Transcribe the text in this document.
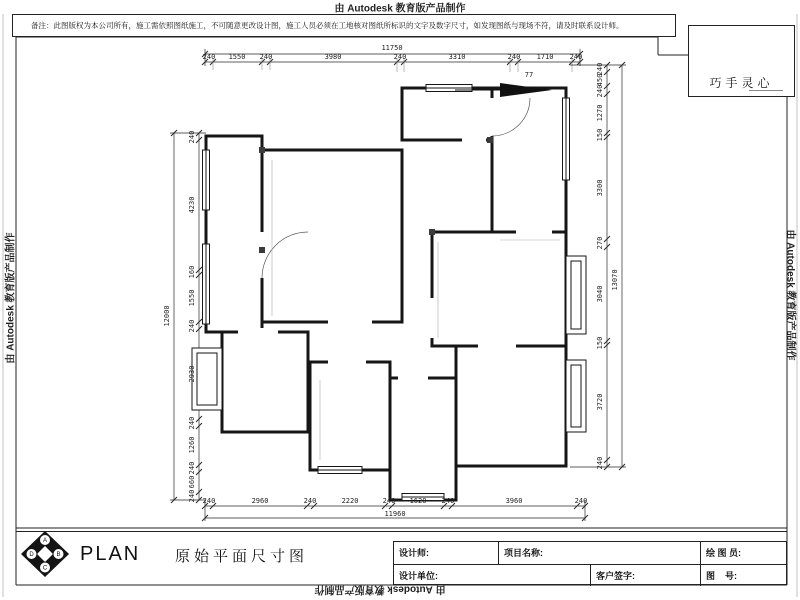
A
B
C
D
由 Autodesk 教育版产品制作
由 Autodesk 教育版产品制作	由 Autodesk 教育版产品制作
由 Autodesk 教育版产品制作
备注：此图版权为本公司所有，施工需依照图纸施工，不可随意更改设计图，施工人员必须在工地核对图纸所标识的文字及数字尺寸，如发现图纸与现场不符，请及时联系设计师。
巧手灵心
11750
240 1550 240	3980	240	3310	240 1710 240
240	2960	240	2220	240 1620 240	3960	240
11960
12000
240
4230
160
1550
240
2930
240
1260
240
660
240
13070
240
450
240
1270
150
3300
270
3040
150
3720
240
77
PLAN 原始平面尺寸图	设计师:	项目名称:	绘 图 员:
设计单位:	客户签字:	图    号:
